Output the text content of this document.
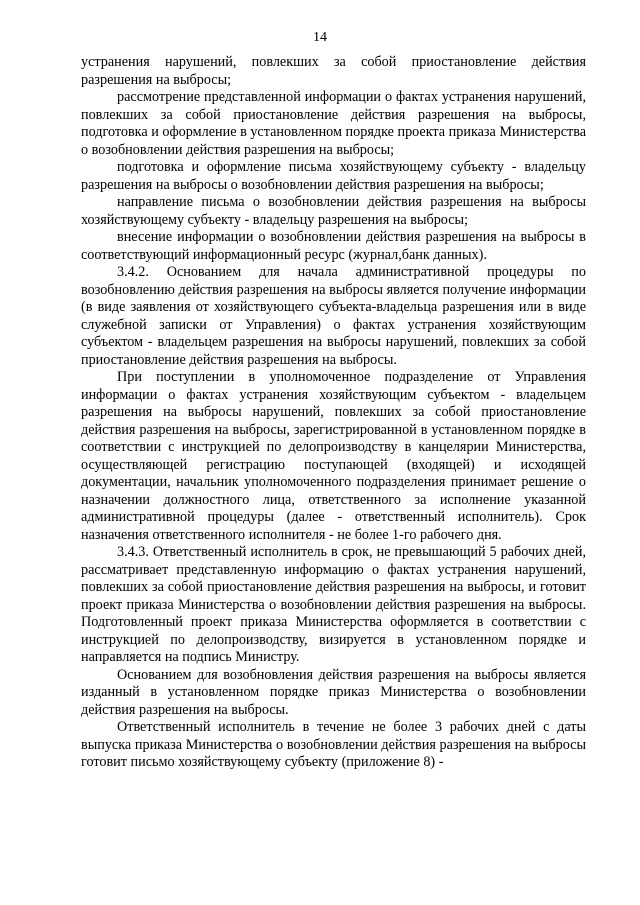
14

устранения нарушений, повлекших за собой приостановление действия разрешения на выбросы;

рассмотрение представленной информации о фактах устранения нарушений, повлекших за собой приостановление действия разрешения на выбросы, подготовка и оформление в установленном порядке проекта приказа Министерства о возобновлении действия разрешения на выбросы;

подготовка и оформление письма хозяйствующему субъекту - владельцу разрешения на выбросы о возобновлении действия разрешения на выбросы;

направление письма о возобновлении действия разрешения на выбросы хозяйствующему субъекту - владельцу разрешения на выбросы;

внесение информации о возобновлении действия разрешения на выбросы в соответствующий информационный ресурс (журнал,банк данных).

3.4.2. Основанием для начала административной процедуры по возобновлению действия разрешения на выбросы является получение информации (в виде заявления от хозяйствующего субъекта-владельца разрешения или в виде служебной записки от Управления) о фактах устранения хозяйствующим субъектом - владельцем разрешения на выбросы нарушений, повлекших за собой приостановление действия разрешения на выбросы.

При поступлении в уполномоченное подразделение от Управления информации о фактах устранения хозяйствующим субъектом - владельцем разрешения на выбросы нарушений, повлекших за собой приостановление действия разрешения на выбросы, зарегистрированной в установленном порядке в соответствии с инструкцией по делопроизводству в канцелярии Министерства, осуществляющей регистрацию поступающей (входящей) и исходящей документации, начальник уполномоченного подразделения принимает решение о назначении должностного лица, ответственного за исполнение указанной административной процедуры (далее - ответственный исполнитель). Срок назначения ответственного исполнителя - не более 1-го рабочего дня.

3.4.3. Ответственный исполнитель в срок, не превышающий 5 рабочих дней, рассматривает представленную информацию о фактах устранения нарушений, повлекших за собой приостановление действия разрешения на выбросы, и готовит проект приказа Министерства о возобновлении действия разрешения на выбросы. Подготовленный проект приказа Министерства оформляется в соответствии с инструкцией по делопроизводству, визируется в установленном порядке и направляется на подпись Министру.

Основанием для возобновления действия разрешения на выбросы является изданный в установленном порядке приказ Министерства о возобновлении действия разрешения на выбросы.

Ответственный исполнитель в течение не более 3 рабочих дней с даты выпуска приказа Министерства о возобновлении действия разрешения на выбросы готовит письмо хозяйствующему субъекту (приложение 8) -
